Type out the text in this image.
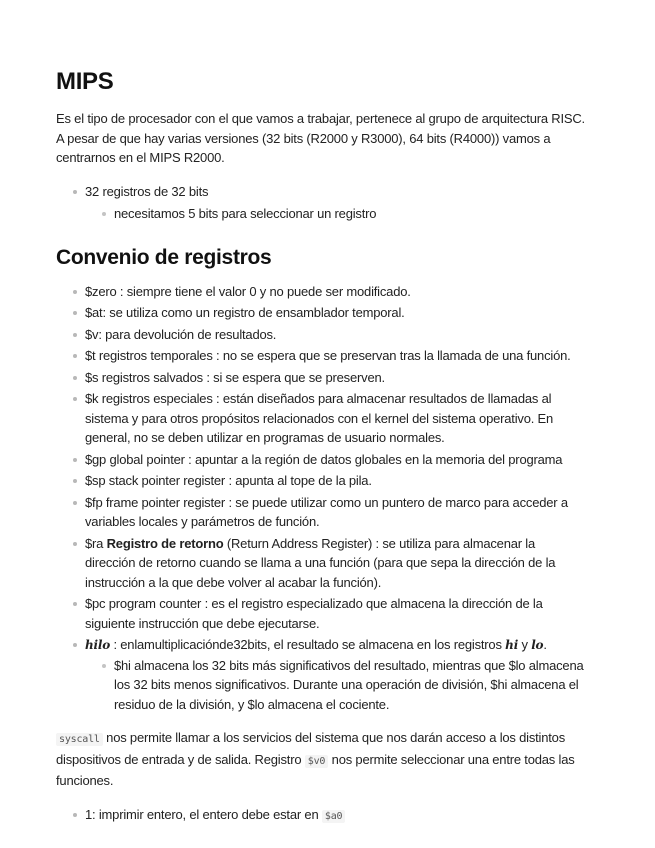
MIPS

Es el tipo de procesador con el que vamos a trabajar, pertenece al grupo de arquitectura RISC. A pesar de que hay varias versiones (32 bits (R2000 y R3000), 64 bits (R4000)) vamos a centrarnos en el MIPS R2000.

32 registros de 32 bits
necesitamos 5 bits para seleccionar un registro
Convenio de registros
$zero : siempre tiene el valor 0 y no puede ser modificado.
$at: se utiliza como un registro de ensamblador temporal.
$v: para devolución de resultados.
$t registros temporales : no se espera que se preservan tras la llamada de una función.
$s registros salvados : si se espera que se preserven.
$k registros especiales : están diseñados para almacenar resultados de llamadas al sistema y para otros propósitos relacionados con el kernel del sistema operativo. En general, no se deben utilizar en programas de usuario normales.
$gp global pointer : apuntar a la región de datos globales en la memoria del programa
$sp stack pointer register : apunta al tope de la pila.
$fp frame pointer register : se puede utilizar como un puntero de marco para acceder a variables locales y parámetros de función.
$ra Registro de retorno (Return Address Register) : se utiliza para almacenar la dirección de retorno cuando se llama a una función (para que sepa la dirección de la instrucción a la que debe volver al acabar la función).
$pc program counter : es el registro especializado que almacena la dirección de la siguiente instrucción que debe ejecutarse.
hilo : enlamultiplicacióndе32bits, el resultado se almacena en los registros hi y lo.
$hi almacena los 32 bits más significativos del resultado, mientras que $lo almacena los 32 bits menos significativos. Durante una operación de división, $hi almacena el residuo de la división, y $lo almacena el cociente.

syscall nos permite llamar a los servicios del sistema que nos darán acceso a los distintos dispositivos de entrada y de salida. Registro $v0 nos permite seleccionar una entre todas las funciones.

1: imprimir entero, el entero debe estar en $a0
